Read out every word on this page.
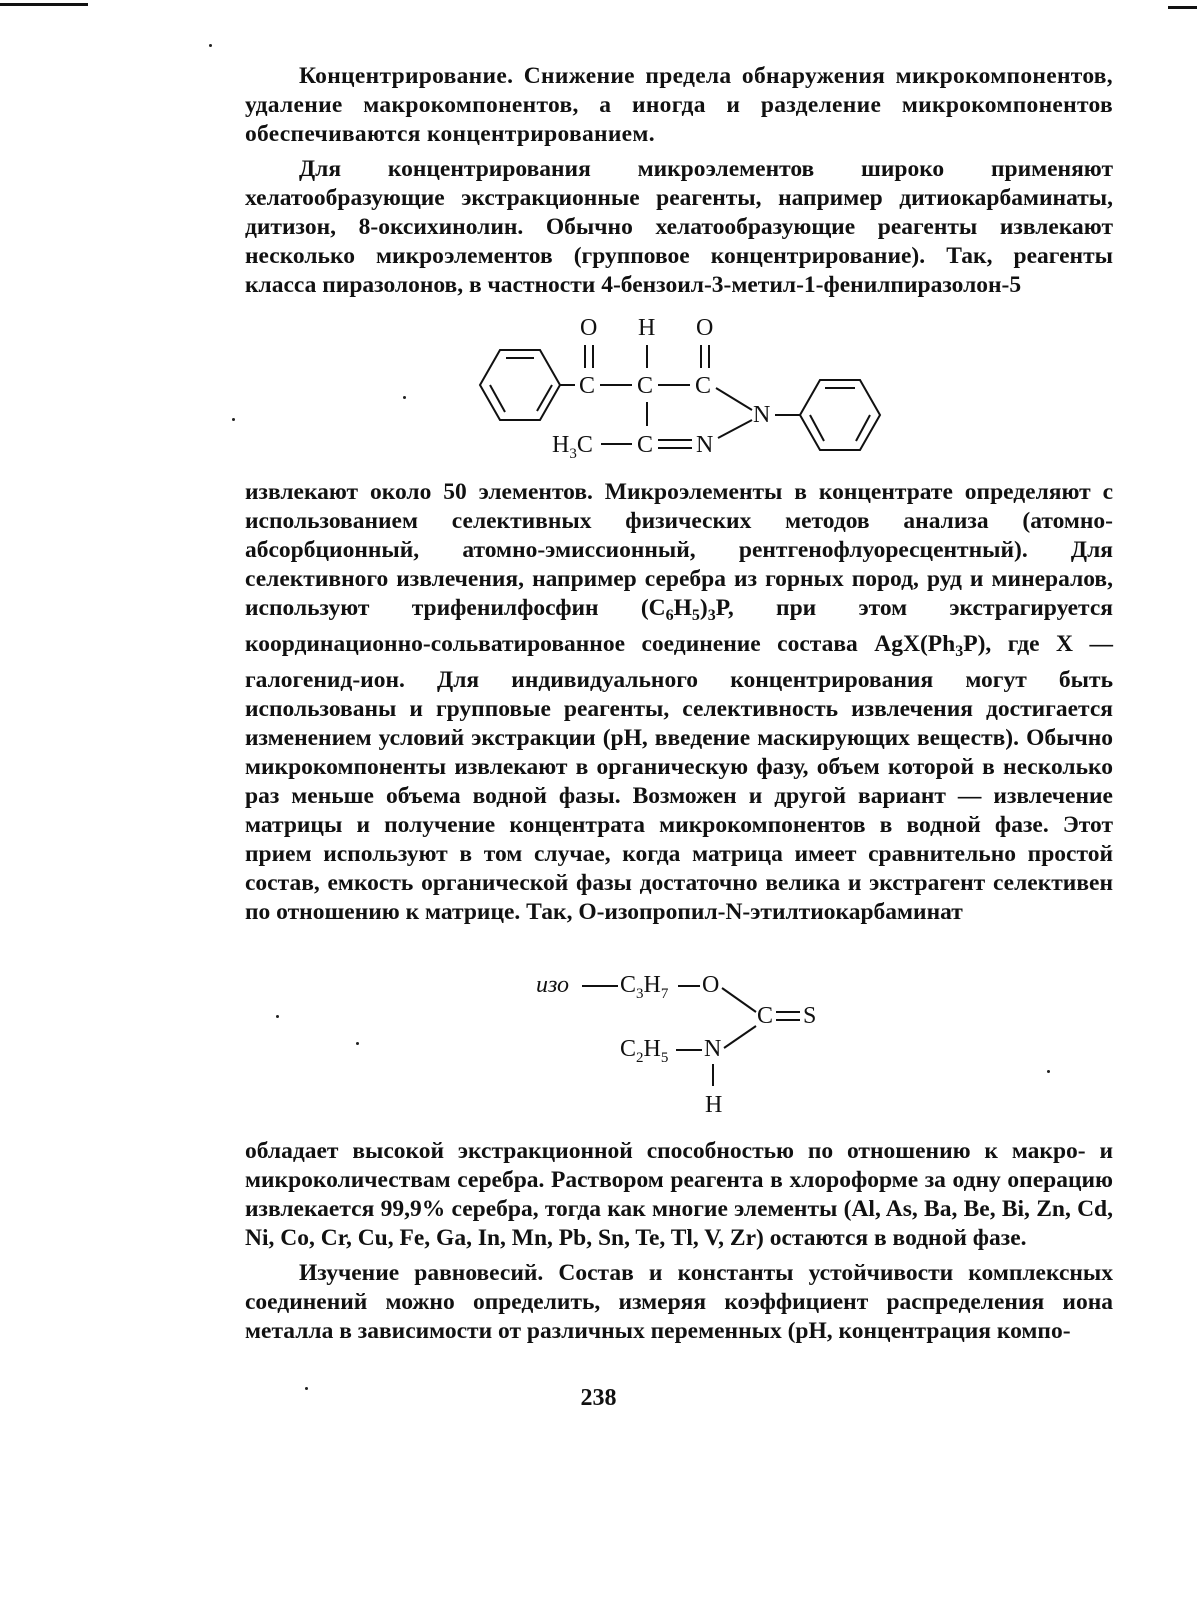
Концентрирование. Снижение предела обнаружения микрокомпонентов, удаление макрокомпонентов, а иногда и разделение микрокомпонентов обеспечиваются концентрированием.

Для концентрирования микроэлементов широко применяют хелатообразующие экстракционные реагенты, например дитиокарбаминаты, дитизон, 8-оксихинолин. Обычно хелатообразующие реагенты извлекают несколько микроэлементов (групповое концентрирование). Так, реагенты класса пиразолонов, в частности 4-бензоил-3-метил-1-фенилпиразолон-5

O H O
C C C
N
$H_3C$ C N

извлекают около 50 элементов. Микроэлементы в концентрате определяют с использованием селективных физических методов анализа (атомно-абсорбционный, атомно-эмиссионный, рентгенофлуоресцентный). Для селективного извлечения, например серебра из горных пород, руд и минералов, используют трифенилфосфин $(C_6H_5)_3P$, при этом экстрагируется координационно-сольватированное соединение состава $AgX(Ph_3P)$, где X — галогенид-ион. Для индивидуального концентрирования могут быть использованы и групповые реагенты, селективность извлечения достигается изменением условий экстракции (pH, введение маскирующих веществ). Обычно микрокомпоненты извлекают в органическую фазу, объем которой в несколько раз меньше объема водной фазы. Возможен и другой вариант — извлечение матрицы и получение концентрата микрокомпонентов в водной фазе. Этот прием используют в том случае, когда матрица имеет сравнительно простой состав, емкость органической фазы достаточно велика и экстрагент селективен по отношению к матрице. Так, O-изопропил-N-этилтиокарбаминат

изо $C_3H_7$ O
C S
$C_2H_5$ N
H

обладает высокой экстракционной способностью по отношению к макро- и микроколичествам серебра. Раствором реагента в хлороформе за одну операцию извлекается 99,9% серебра, тогда как многие элементы (Al, As, Ba, Be, Bi, Zn, Cd, Ni, Co, Cr, Cu, Fe, Ga, In, Mn, Pb, Sn, Te, Tl, V, Zr) остаются в водной фазе.

Изучение равновесий. Состав и константы устойчивости комплексных соединений можно определить, измеряя коэффициент распределения иона металла в зависимости от различных переменных (pH, концентрация компо-

238
